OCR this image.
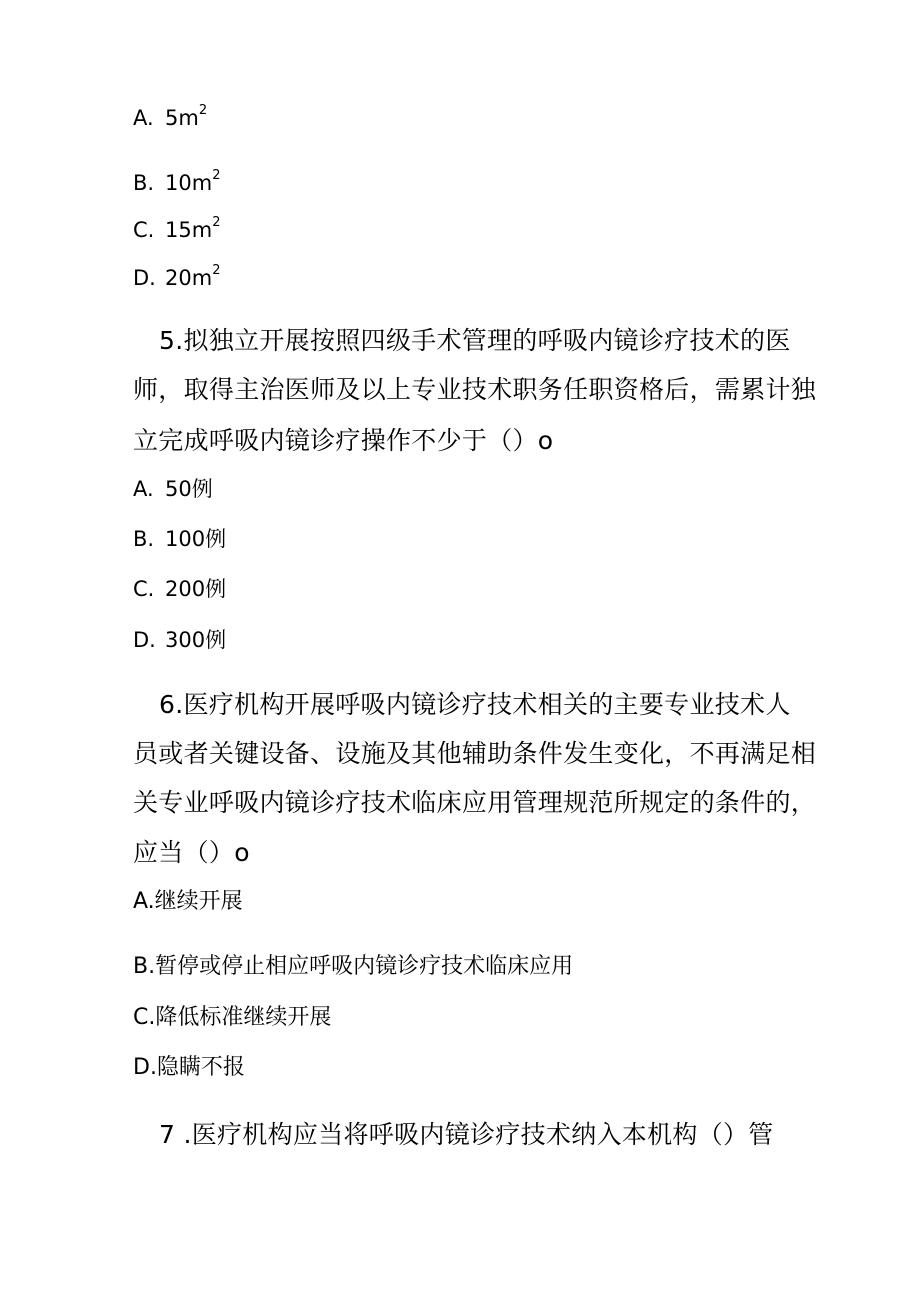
A. $5m^2$
B. $10m^2$
C. $15m^2$
D. $20m^2$
5.拟独立开展按照四级手术管理的呼吸内镜诊疗技术的医
师，取得主治医师及以上专业技术职务任职资格后，需累计独
立完成呼吸内镜诊疗操作不少于（）o
A. 50例
B. 100例
C. 200例
D. 300例
6.医疗机构开展呼吸内镜诊疗技术相关的主要专业技术人
员或者关键设备、设施及其他辅助条件发生变化，不再满足相
关专业呼吸内镜诊疗技术临床应用管理规范所规定的条件的，
应当（）o
A.继续开展
B.暂停或停止相应呼吸内镜诊疗技术临床应用
C.降低标准继续开展
D.隐瞒不报
7 .医疗机构应当将呼吸内镜诊疗技术纳入本机构（）管
